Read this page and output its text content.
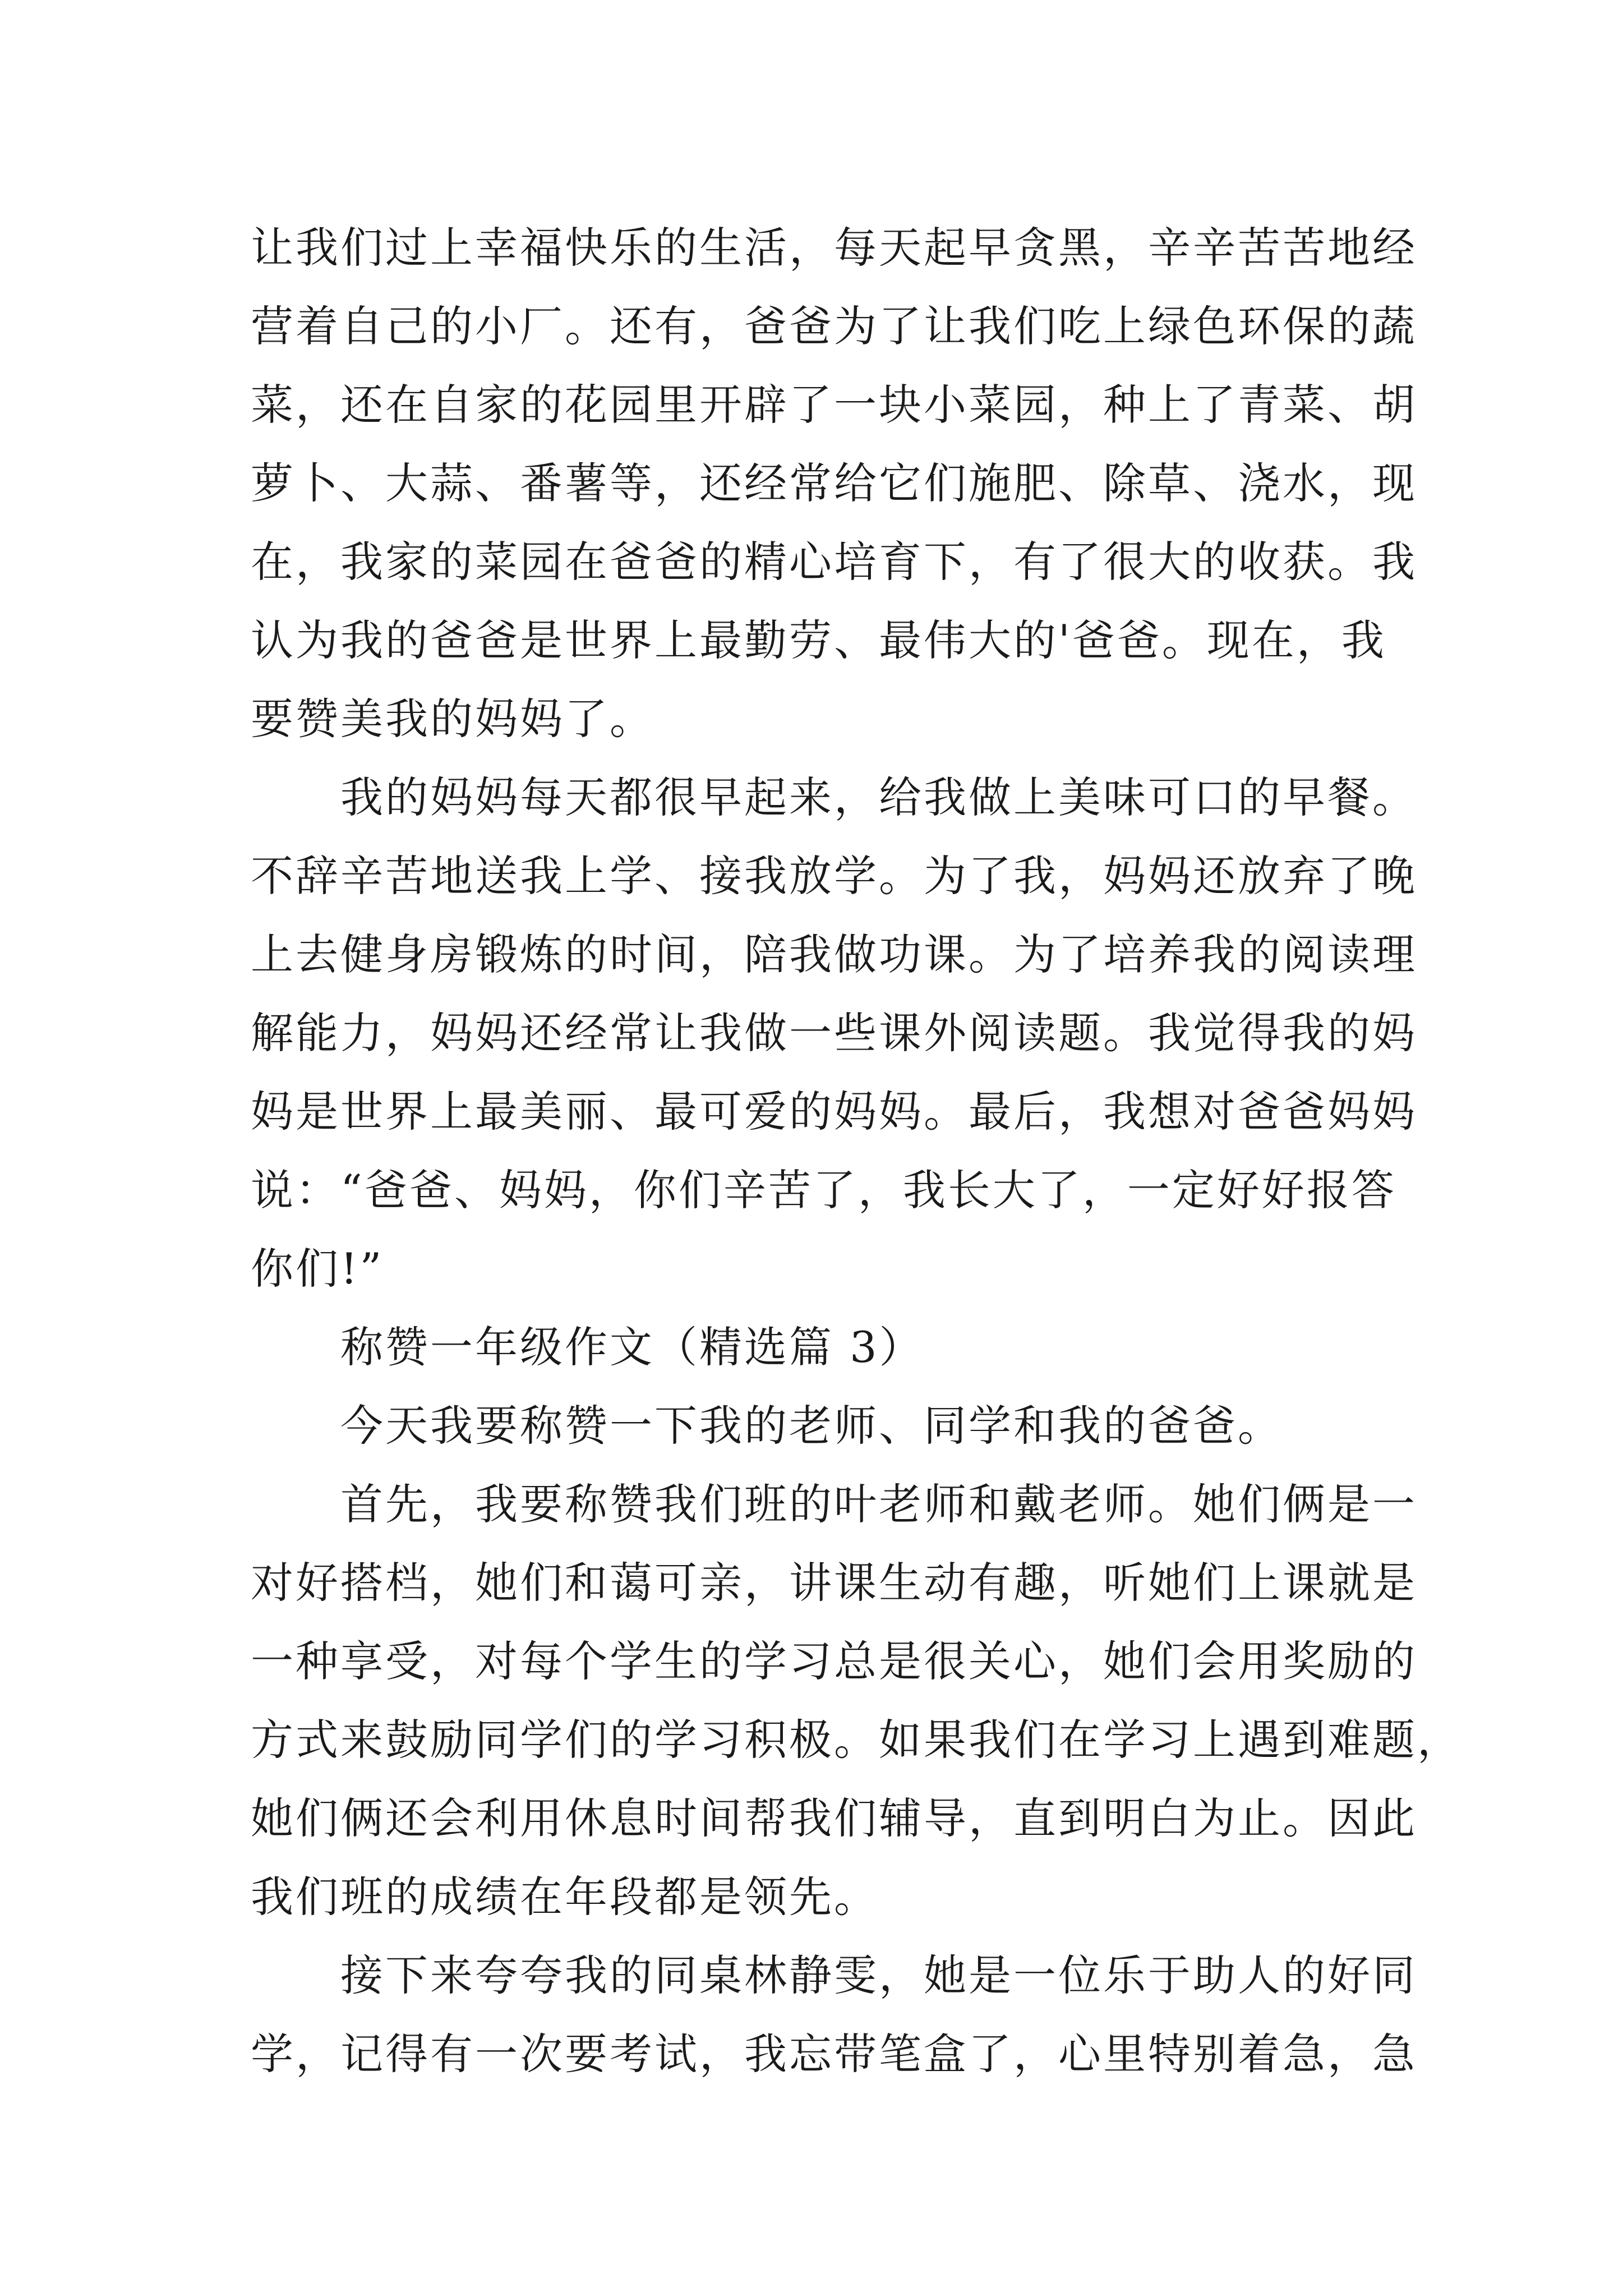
让我们过上幸福快乐的生活，每天起早贪黑，辛辛苦苦地经
营着自己的小厂。还有，爸爸为了让我们吃上绿色环保的蔬
菜，还在自家的花园里开辟了一块小菜园，种上了青菜、胡
萝卜、大蒜、番薯等，还经常给它们施肥、除草、浇水，现
在，我家的菜园在爸爸的精心培育下，有了很大的收获。我
认为我的爸爸是世界上最勤劳、最伟大的'爸爸。现在，我
要赞美我的妈妈了。
我的妈妈每天都很早起来，给我做上美味可口的早餐。
不辞辛苦地送我上学、接我放学。为了我，妈妈还放弃了晚
上去健身房锻炼的时间，陪我做功课。为了培养我的阅读理
解能力，妈妈还经常让我做一些课外阅读题。我觉得我的妈
妈是世界上最美丽、最可爱的妈妈。最后，我想对爸爸妈妈
说：“爸爸、妈妈，你们辛苦了，我长大了，一定好好报答
你们!”
称赞一年级作文（精选篇 3）
今天我要称赞一下我的老师、同学和我的爸爸。
首先，我要称赞我们班的叶老师和戴老师。她们俩是一
对好搭档，她们和蔼可亲，讲课生动有趣，听她们上课就是
一种享受，对每个学生的学习总是很关心，她们会用奖励的
方式来鼓励同学们的学习积极。如果我们在学习上遇到难题，
她们俩还会利用休息时间帮我们辅导，直到明白为止。因此
我们班的成绩在年段都是领先。
接下来夸夸我的同桌林静雯，她是一位乐于助人的好同
学，记得有一次要考试，我忘带笔盒了，心里特别着急，急
